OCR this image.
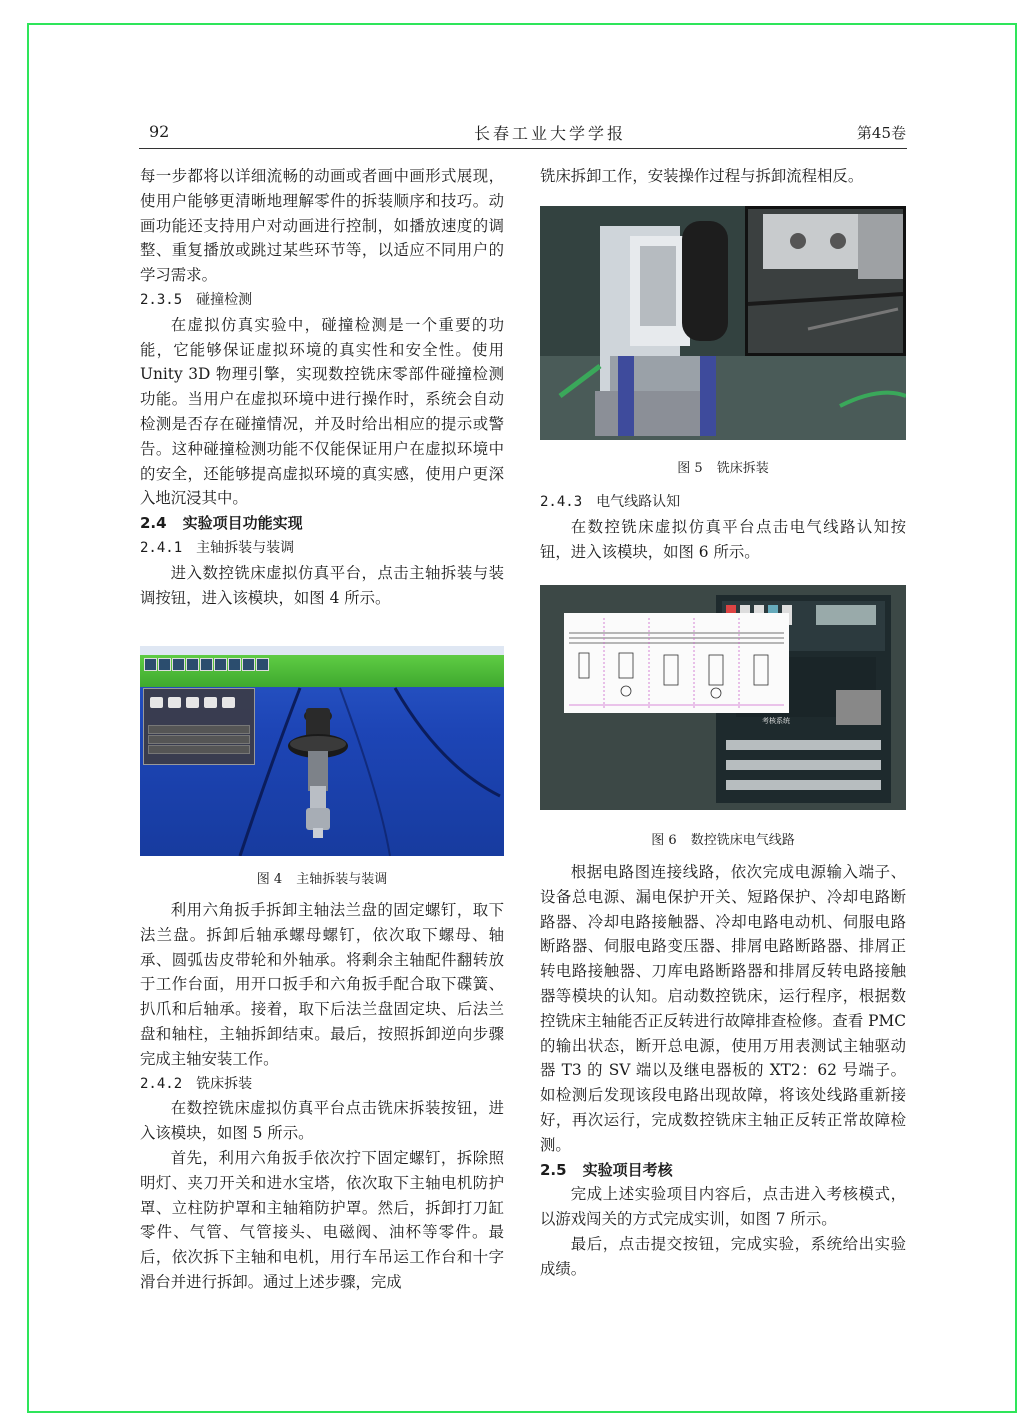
92	长春工业大学学报	第45卷

每一步都将以详细流畅的动画或者画中画形式展现，使用户能够更清晰地理解零件的拆装顺序和技巧。动画功能还支持用户对动画进行控制，如播放速度的调整、重复播放或跳过某些环节等，以适应不同用户的学习需求。

2.3.5 碰撞检测

在虚拟仿真实验中，碰撞检测是一个重要的功能，它能够保证虚拟环境的真实性和安全性。使用 Unity 3D 物理引擎，实现数控铣床零部件碰撞检测功能。当用户在虚拟环境中进行操作时，系统会自动检测是否存在碰撞情况，并及时给出相应的提示或警告。这种碰撞检测功能不仅能保证用户在虚拟环境中的安全，还能够提高虚拟环境的真实感，使用户更深入地沉浸其中。

2.4 实验项目功能实现

2.4.1 主轴拆装与装调

进入数控铣床虚拟仿真平台，点击主轴拆装与装调按钮，进入该模块，如图 4 所示。

图 4 主轴拆装与装调

利用六角扳手拆卸主轴法兰盘的固定螺钉，取下法兰盘。拆卸后轴承螺母螺钉，依次取下螺母、轴承、圆弧齿皮带轮和外轴承。将剩余主轴配件翻转放于工作台面，用开口扳手和六角扳手配合取下碟簧、扒爪和后轴承。接着，取下后法兰盘固定块、后法兰盘和轴柱，主轴拆卸结束。最后，按照拆卸逆向步骤完成主轴安装工作。

2.4.2 铣床拆装

在数控铣床虚拟仿真平台点击铣床拆装按钮，进入该模块，如图 5 所示。

首先，利用六角扳手依次拧下固定螺钉，拆除照明灯、夹刀开关和进水宝塔，依次取下主轴电机防护罩、立柱防护罩和主轴箱防护罩。然后，拆卸打刀缸零件、气管、气管接头、电磁阀、油杯等零件。最后，依次拆下主轴和电机，用行车吊运工作台和十字滑台并进行拆卸。通过上述步骤，完成

铣床拆卸工作，安装操作过程与拆卸流程相反。

图 5 铣床拆装

2.4.3 电气线路认知

在数控铣床虚拟仿真平台点击电气线路认知按钮，进入该模块，如图 6 所示。

考核系统
图 6 数控铣床电气线路

根据电路图连接线路，依次完成电源输入端子、设备总电源、漏电保护开关、短路保护、冷却电路断路器、冷却电路接触器、冷却电路电动机、伺服电路断路器、伺服电路变压器、排屑电路断路器、排屑正转电路接触器、刀库电路断路器和排屑反转电路接触器等模块的认知。启动数控铣床，运行程序，根据数控铣床主轴能否正反转进行故障排查检修。查看 PMC 的输出状态，断开总电源，使用万用表测试主轴驱动器 T3 的 SV 端以及继电器板的 XT2：62 号端子。如检测后发现该段电路出现故障，将该处线路重新接好，再次运行，完成数控铣床主轴正反转正常故障检测。

2.5 实验项目考核

完成上述实验项目内容后，点击进入考核模式，以游戏闯关的方式完成实训，如图 7 所示。

最后，点击提交按钮，完成实验，系统给出实验成绩。
